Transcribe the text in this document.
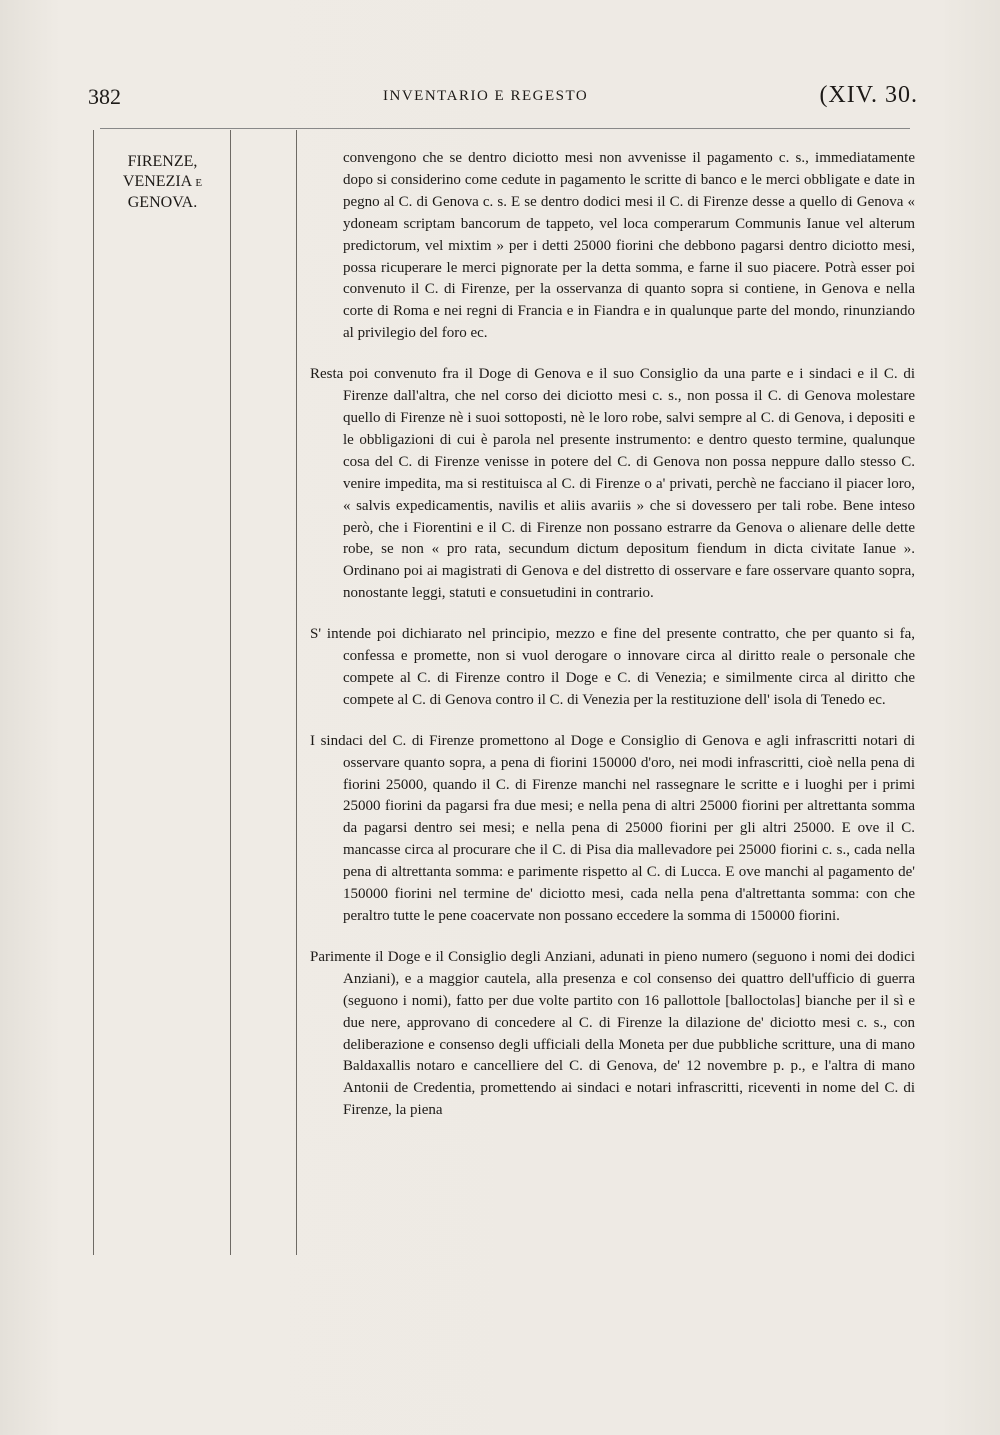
382	INVENTARIO E REGESTO	(XIV. 30.
FIRENZE,
VENEZIA E
GENOVA.

convengono che se dentro diciotto mesi non avvenisse il pagamento c. s., immediatamente dopo si considerino come cedute in pagamento le scritte di banco e le merci obbligate e date in pegno al C. di Genova c. s. E se dentro dodici mesi il C. di Firenze desse a quello di Genova « ydoneam scriptam bancorum de tappeto, vel loca comperarum Communis Ianue vel alterum predictorum, vel mixtim » per i detti 25000 fiorini che debbono pagarsi dentro diciotto mesi, possa ricuperare le merci pignorate per la detta somma, e farne il suo piacere. Potrà esser poi convenuto il C. di Firenze, per la osservanza di quanto sopra si contiene, in Genova e nella corte di Roma e nei regni di Francia e in Fiandra e in qualunque parte del mondo, rinunziando al privilegio del foro ec.

Resta poi convenuto fra il Doge di Genova e il suo Consiglio da una parte e i sindaci e il C. di Firenze dall'altra, che nel corso dei diciotto mesi c. s., non possa il C. di Genova molestare quello di Firenze nè i suoi sottoposti, nè le loro robe, salvi sempre al C. di Genova, i depositi e le obbligazioni di cui è parola nel presente instrumento: e dentro questo termine, qualunque cosa del C. di Firenze venisse in potere del C. di Genova non possa neppure dallo stesso C. venire impedita, ma si restituisca al C. di Firenze o a' privati, perchè ne facciano il piacer loro, « salvis expedicamentis, navilis et aliis avariis » che si dovessero per tali robe. Bene inteso però, che i Fiorentini e il C. di Firenze non possano estrarre da Genova o alienare delle dette robe, se non « pro rata, secundum dictum depositum fiendum in dicta civitate Ianue ». Ordinano poi ai magistrati di Genova e del distretto di osservare e fare osservare quanto sopra, nonostante leggi, statuti e consuetudini in contrario.

S' intende poi dichiarato nel principio, mezzo e fine del presente contratto, che per quanto si fa, confessa e promette, non si vuol derogare o innovare circa al diritto reale o personale che compete al C. di Firenze contro il Doge e C. di Venezia; e similmente circa al diritto che compete al C. di Genova contro il C. di Venezia per la restituzione dell' isola di Tenedo ec.

I sindaci del C. di Firenze promettono al Doge e Consiglio di Genova e agli infrascritti notari di osservare quanto sopra, a pena di fiorini 150000 d'oro, nei modi infrascritti, cioè nella pena di fiorini 25000, quando il C. di Firenze manchi nel rassegnare le scritte e i luoghi per i primi 25000 fiorini da pagarsi fra due mesi; e nella pena di altri 25000 fiorini per altrettanta somma da pagarsi dentro sei mesi; e nella pena di 25000 fiorini per gli altri 25000. E ove il C. mancasse circa al procurare che il C. di Pisa dia mallevadore pei 25000 fiorini c. s., cada nella pena di altrettanta somma: e parimente rispetto al C. di Lucca. E ove manchi al pagamento de' 150000 fiorini nel termine de' diciotto mesi, cada nella pena d'altrettanta somma: con che peraltro tutte le pene coacervate non possano eccedere la somma di 150000 fiorini.

Parimente il Doge e il Consiglio degli Anziani, adunati in pieno numero (seguono i nomi dei dodici Anziani), e a maggior cautela, alla presenza e col consenso dei quattro dell'ufficio di guerra (seguono i nomi), fatto per due volte partito con 16 pallottole [balloctolas] bianche per il sì e due nere, approvano di concedere al C. di Firenze la dilazione de' diciotto mesi c. s., con deliberazione e consenso degli ufficiali della Moneta per due pubbliche scritture, una di mano Baldaxallis notaro e cancelliere del C. di Genova, de' 12 novembre p. p., e l'altra di mano Antonii de Credentia, promettendo ai sindaci e notari infrascritti, riceventi in nome del C. di Firenze, la piena
